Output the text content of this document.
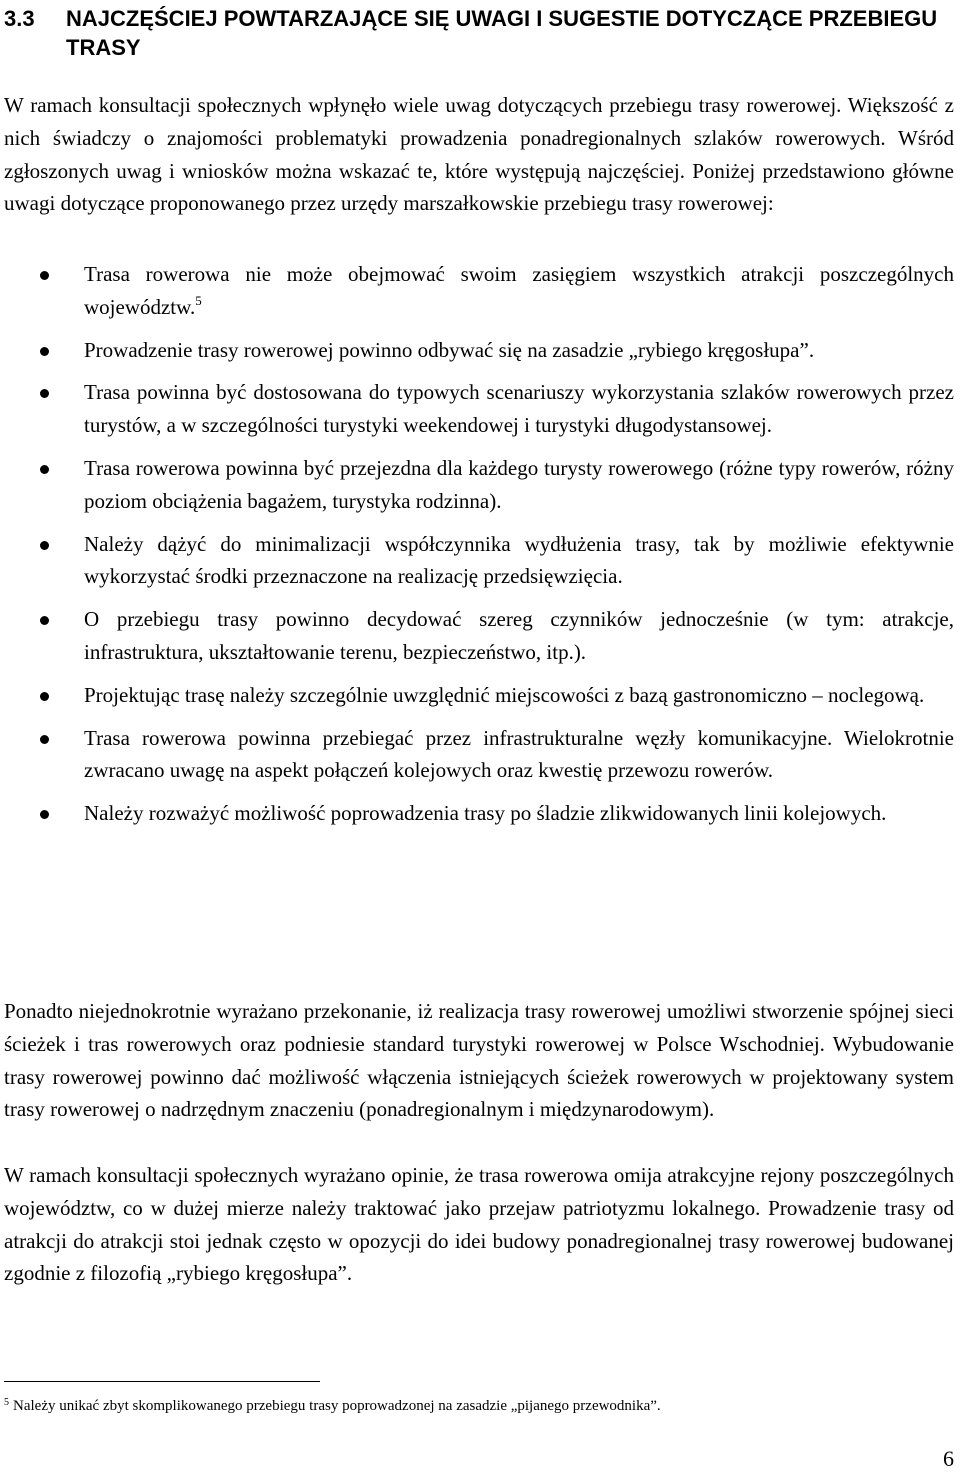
3.3 NAJCZĘŚCIEJ POWTARZAJĄCE SIĘ UWAGI I SUGESTIE DOTYCZĄCE PRZEBIEGU TRASY

W ramach konsultacji społecznych wpłynęło wiele uwag dotyczących przebiegu trasy rowerowej. Większość z nich świadczy o znajomości problematyki prowadzenia ponadregionalnych szlaków rowerowych. Wśród zgłoszonych uwag i wniosków można wskazać te, które występują najczęściej. Poniżej przedstawiono główne uwagi dotyczące proponowanego przez urzędy marszałkowskie przebiegu trasy rowerowej:

Trasa rowerowa nie może obejmować swoim zasięgiem wszystkich atrakcji poszczególnych województw.$^5$
Prowadzenie trasy rowerowej powinno odbywać się na zasadzie „rybiego kręgosłupa”.
Trasa powinna być dostosowana do typowych scenariuszy wykorzystania szlaków rowerowych przez turystów, a w szczególności turystyki weekendowej i turystyki długodystansowej.
Trasa rowerowa powinna być przejezdna dla każdego turysty rowerowego (różne typy rowerów, różny poziom obciążenia bagażem, turystyka rodzinna).
Należy dążyć do minimalizacji współczynnika wydłużenia trasy, tak by możliwie efektywnie wykorzystać środki przeznaczone na realizację przedsięwzięcia.
O przebiegu trasy powinno decydować szereg czynników jednocześnie (w tym: atrakcje, infrastruktura, ukształtowanie terenu, bezpieczeństwo, itp.).
Projektując trasę należy szczególnie uwzględnić miejscowości z bazą gastronomiczno – noclegową.
Trasa rowerowa powinna przebiegać przez infrastrukturalne węzły komunikacyjne. Wielokrotnie zwracano uwagę na aspekt połączeń kolejowych oraz kwestię przewozu rowerów.
Należy rozważyć możliwość poprowadzenia trasy po śladzie zlikwidowanych linii kolejowych.

Ponadto niejednokrotnie wyrażano przekonanie, iż realizacja trasy rowerowej umożliwi stworzenie spójnej sieci ścieżek i tras rowerowych oraz podniesie standard turystyki rowerowej w Polsce Wschodniej. Wybudowanie trasy rowerowej powinno dać możliwość włączenia istniejących ścieżek rowerowych w projektowany system trasy rowerowej o nadrzędnym znaczeniu (ponadregionalnym i międzynarodowym).

W ramach konsultacji społecznych wyrażano opinie, że trasa rowerowa omija atrakcyjne rejony poszczególnych województw, co w dużej mierze należy traktować jako przejaw patriotyzmu lokalnego. Prowadzenie trasy od atrakcji do atrakcji stoi jednak często w opozycji do idei budowy ponadregionalnej trasy rowerowej budowanej zgodnie z filozofią „rybiego kręgosłupa”.

$^5$ Należy unikać zbyt skomplikowanego przebiegu trasy poprowadzonej na zasadzie „pijanego przewodnika”.
6
